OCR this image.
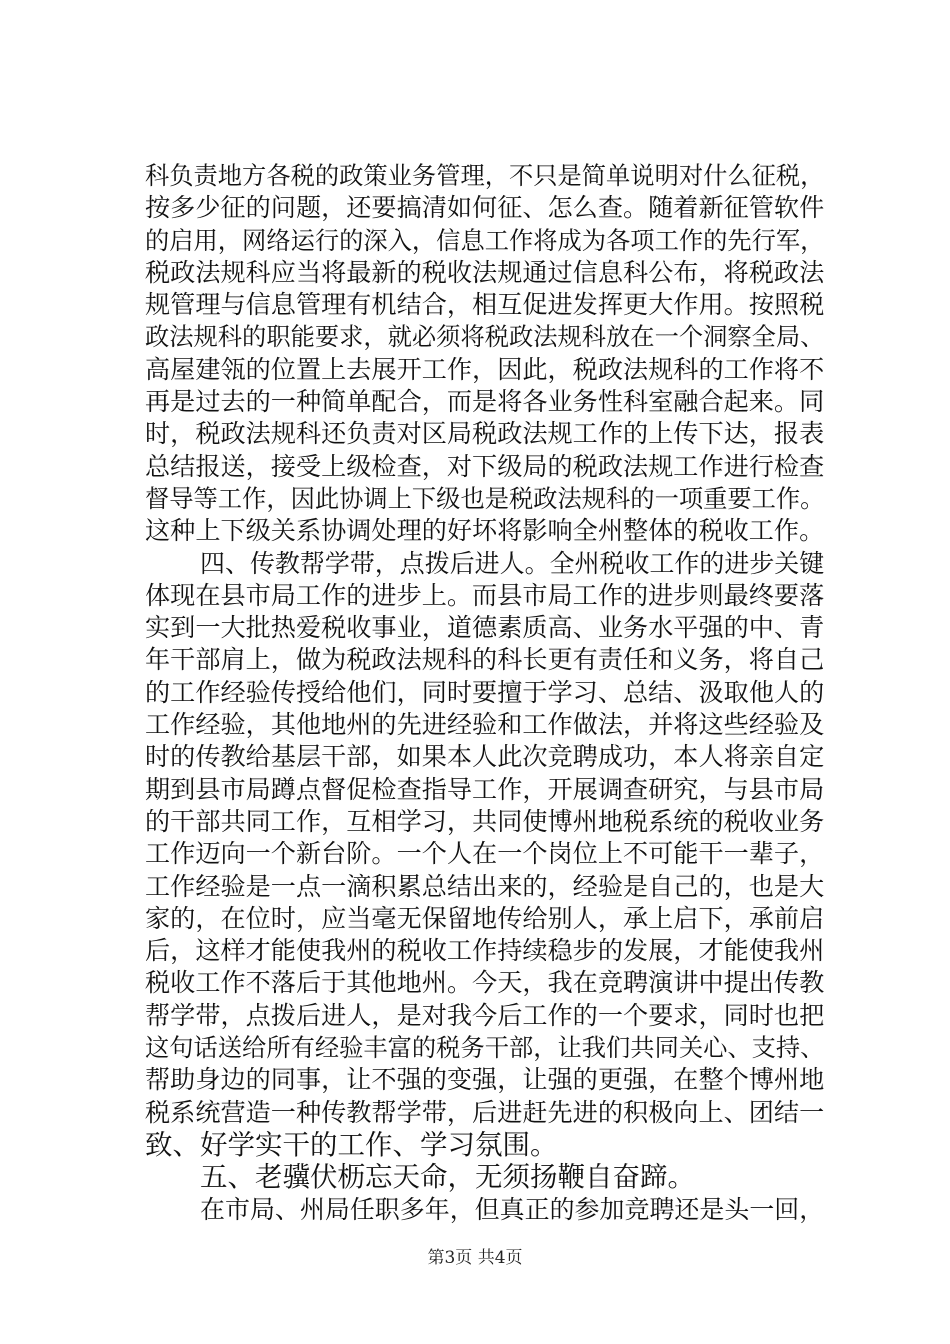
科负责地方各税的政策业务管理，不只是简单说明对什么征税，
按多少征的问题，还要搞清如何征、怎么查。随着新征管软件
的启用，网络运行的深入，信息工作将成为各项工作的先行军，
税政法规科应当将最新的税收法规通过信息科公布，将税政法
规管理与信息管理有机结合，相互促进发挥更大作用。按照税
政法规科的职能要求，就必须将税政法规科放在一个洞察全局、
高屋建瓴的位置上去展开工作，因此，税政法规科的工作将不
再是过去的一种简单配合，而是将各业务性科室融合起来。同
时，税政法规科还负责对区局税政法规工作的上传下达，报表
总结报送，接受上级检查，对下级局的税政法规工作进行检查
督导等工作，因此协调上下级也是税政法规科的一项重要工作。
这种上下级关系协调处理的好坏将影响全州整体的税收工作。
四、传教帮学带，点拨后进人。全州税收工作的进步关键
体现在县市局工作的进步上。而县市局工作的进步则最终要落
实到一大批热爱税收事业，道德素质高、业务水平强的中、青
年干部肩上，做为税政法规科的科长更有责任和义务，将自己
的工作经验传授给他们，同时要擅于学习、总结、汲取他人的
工作经验，其他地州的先进经验和工作做法，并将这些经验及
时的传教给基层干部，如果本人此次竞聘成功，本人将亲自定
期到县市局蹲点督促检查指导工作，开展调查研究，与县市局
的干部共同工作，互相学习，共同使博州地税系统的税收业务
工作迈向一个新台阶。一个人在一个岗位上不可能干一辈子，
工作经验是一点一滴积累总结出来的，经验是自己的，也是大
家的，在位时，应当毫无保留地传给别人，承上启下，承前启
后，这样才能使我州的税收工作持续稳步的发展，才能使我州
税收工作不落后于其他地州。今天，我在竞聘演讲中提出传教
帮学带，点拨后进人，是对我今后工作的一个要求，同时也把
这句话送给所有经验丰富的税务干部，让我们共同关心、支持、
帮助身边的同事，让不强的变强，让强的更强，在整个博州地
税系统营造一种传教帮学带，后进赶先进的积极向上、团结一
致、好学实干的工作、学习氛围。
五、老骥伏枥忘天命，无须扬鞭自奋蹄。
在市局、州局任职多年，但真正的参加竞聘还是头一回，
第3页 共4页
